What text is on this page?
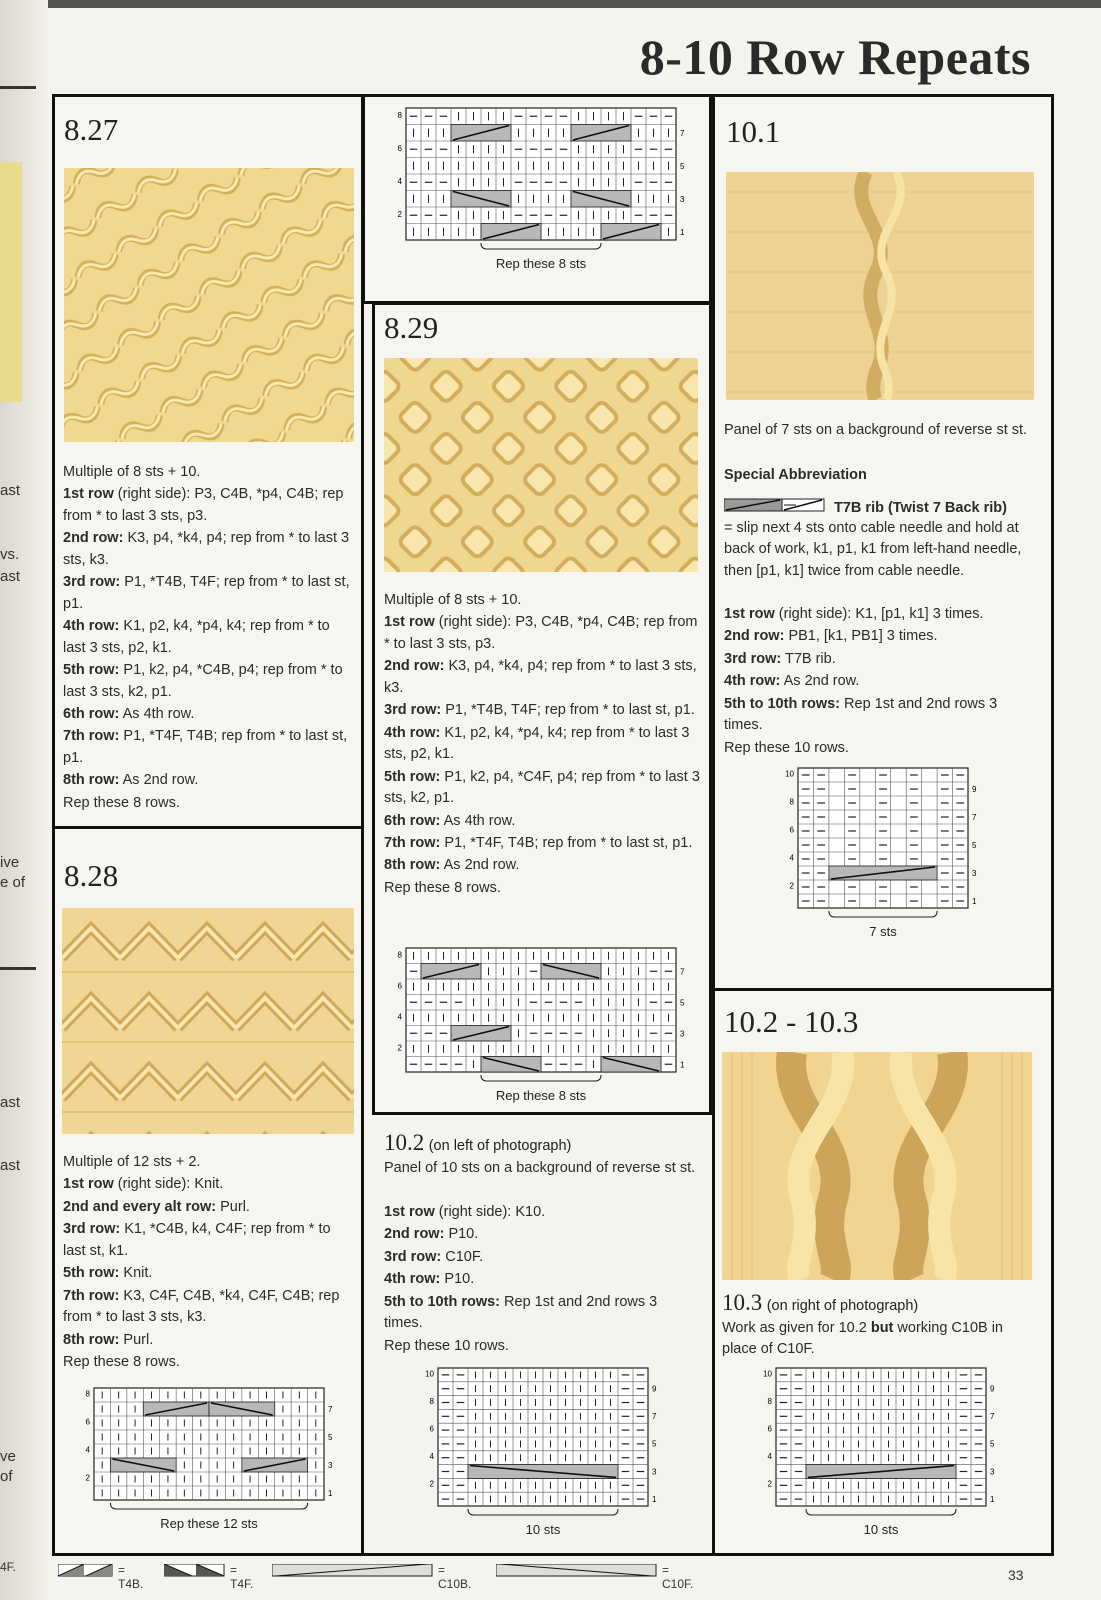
ast
vs.
ast
ive
e of
ast
ast
ve
of
4F.
8-10 Row Repeats
8.27

Multiple of 8 sts + 10.

1st row (right side): P3, C4B, *p4, C4B; rep from * to last 3 sts, p3.

2nd row: K3, p4, *k4, p4; rep from * to last 3 sts, k3.

3rd row: P1, *T4B, T4F; rep from * to last st, p1.

4th row: K1, p2, k4, *p4, k4; rep from * to last 3 sts, p2, k1.

5th row: P1, k2, p4, *C4B, p4; rep from * to last 3 sts, k2, p1.

6th row: As 4th row.

7th row: P1, *T4F, T4B; rep from * to last st, p1.

8th row: As 2nd row.

Rep these 8 rows.

8
6
4
2
7
5
3
1
Rep these 12 sts
8.28

Multiple of 12 sts + 2.

1st row (right side): Knit.

2nd and every alt row: Purl.

3rd row: K1, *C4B, k4, C4F; rep from * to last st, k1.

5th row: Knit.

7th row: K3, C4F, C4B, *k4, C4F, C4B; rep from * to last 3 sts, k3.

8th row: Purl.

Rep these 8 rows.

8
6
4
2
7
5
3
1
Rep these 8 sts
8.29

Multiple of 8 sts + 10.

1st row (right side): P3, C4B, *p4, C4B; rep from * to last 3 sts, p3.

2nd row: K3, p4, *k4, p4; rep from * to last 3 sts, k3.

3rd row: P1, *T4B, T4F; rep from * to last st, p1.

4th row: K1, p2, k4, *p4, k4; rep from * to last 3 sts, p2, k1.

5th row: P1, k2, p4, *C4F, p4; rep from * to last 3 sts, k2, p1.

6th row: As 4th row.

7th row: P1, *T4F, T4B; rep from * to last st, p1.

8th row: As 2nd row.

Rep these 8 rows.

8
6
4
2
7
5
3
1
Rep these 8 sts
10.1
Panel of 7 sts on a background of reverse st st.
Special Abbreviation
T7B rib (Twist 7 Back rib)
= slip next 4 sts onto cable needle and hold at back of work, k1, p1, k1 from left-hand needle, then [p1, k1] twice from cable needle.

1st row (right side): K1, [p1, k1] 3 times.

2nd row: PB1, [k1, PB1] 3 times.

3rd row: T7B rib.

4th row: As 2nd row.

5th to 10th rows: Rep 1st and 2nd rows 3 times.

Rep these 10 rows.

10
8
6
4
2
9
7
5
3
1
7 sts
10.2 - 10.3
10.2 (on left of photograph)
Panel of 10 sts on a background of reverse st st.

1st row (right side): K10.

2nd row: P10.

3rd row: C10F.

4th row: P10.

5th to 10th rows: Rep 1st and 2nd rows 3 times.

Rep these 10 rows.

10
8
6
4
2
9
7
5
3
1
10 sts
10.3 (on right of photograph)
Work as given for 10.2 but working C10B in place of C10F.
10
8
6
4
2
9
7
5
3
1
10 sts
= T4B.
= T4F.
= C10B.
= C10F.
33
